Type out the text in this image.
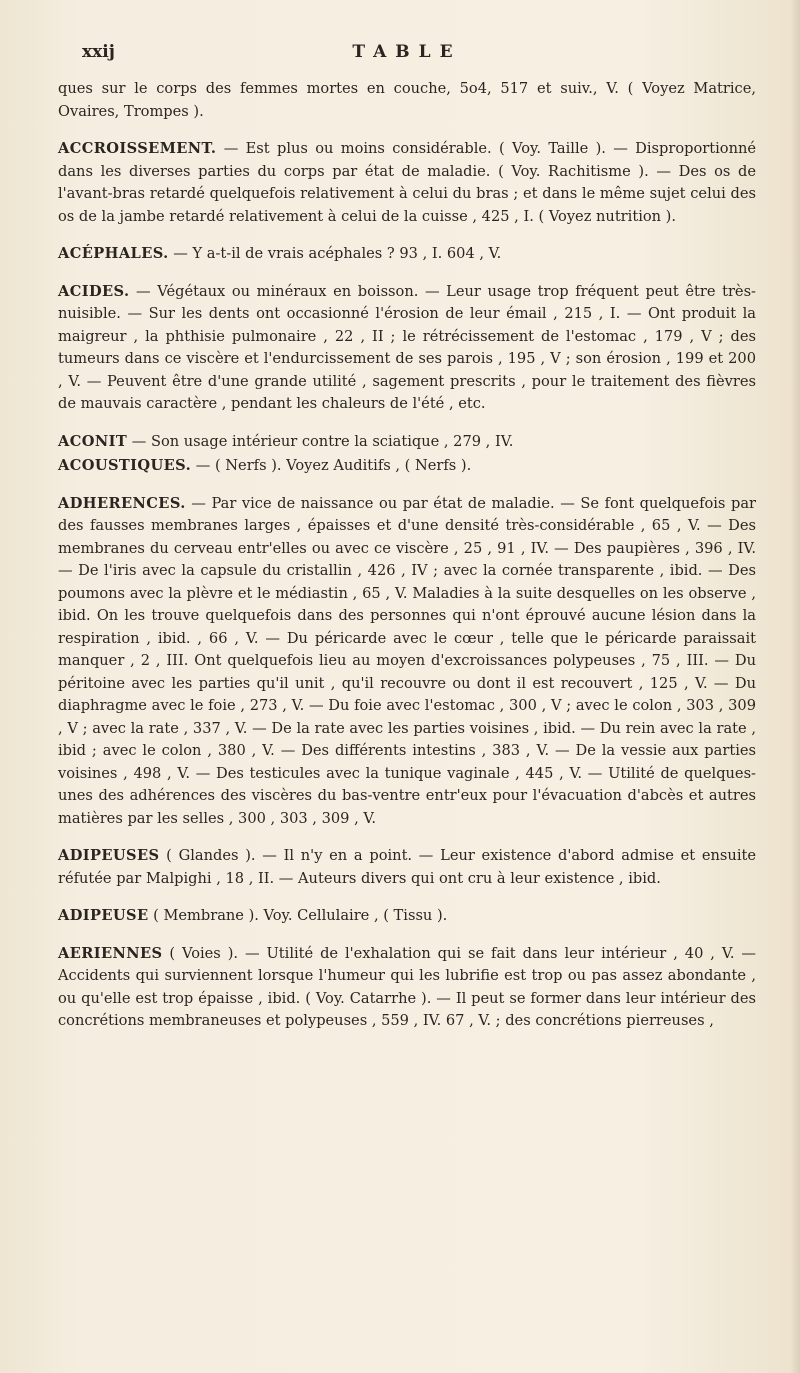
xxij	TABLE

ques sur le corps des femmes mortes en couche, 5o4, 517 et suiv., V. ( Voyez Matrice, Ovaires, Trompes ).

ACCROISSEMENT. — Est plus ou moins considérable. ( Voy. Taille ). — Disproportionné dans les diverses parties du corps par état de maladie. ( Voy. Rachitisme ). — Des os de l'avant-bras retardé quelquefois relativement à celui du bras ; et dans le même sujet celui des os de la jambe retardé relativement à celui de la cuisse , 425 , I. ( Voyez nutrition ).

ACÉPHALES. — Y a-t-il de vrais acéphales ? 93 , I. 604 , V.

ACIDES. — Végétaux ou minéraux en boisson. — Leur usage trop fréquent peut être très-nuisible. — Sur les dents ont occasionné l'érosion de leur émail , 215 , I. — Ont produit la maigreur , la phthisie pulmonaire , 22 , II ; le rétrécissement de l'estomac , 179 , V ; des tumeurs dans ce viscère et l'endurcissement de ses parois , 195 , V ; son érosion , 199 et 200 , V. — Peuvent être d'une grande utilité , sagement prescrits , pour le traitement des fièvres de mauvais caractère , pendant les chaleurs de l'été , etc.

ACONIT — Son usage intérieur contre la sciatique , 279 , IV.

ACOUSTIQUES. — ( Nerfs ). Voyez Auditifs , ( Nerfs ).

ADHERENCES. — Par vice de naissance ou par état de maladie. — Se font quelquefois par des fausses membranes larges , épaisses et d'une densité très-considérable , 65 , V. — Des membranes du cerveau entr'elles ou avec ce viscère , 25 , 91 , IV. — Des paupières , 396 , IV. — De l'iris avec la capsule du cristallin , 426 , IV ; avec la cornée transparente , ibid. — Des poumons avec la plèvre et le médiastin , 65 , V. Maladies à la suite desquelles on les observe , ibid. On les trouve quelquefois dans des personnes qui n'ont éprouvé aucune lésion dans la respiration , ibid. , 66 , V. — Du péricarde avec le cœur , telle que le péricarde paraissait manquer , 2 , III. Ont quelquefois lieu au moyen d'excroissances polypeuses , 75 , III. — Du péritoine avec les parties qu'il unit , qu'il recouvre ou dont il est recouvert , 125 , V. — Du diaphragme avec le foie , 273 , V. — Du foie avec l'estomac , 300 , V ; avec le colon , 303 , 309 , V ; avec la rate , 337 , V. — De la rate avec les parties voisines , ibid. — Du rein avec la rate , ibid ; avec le colon , 380 , V. — Des différents intestins , 383 , V. — De la vessie aux parties voisines , 498 , V. — Des testicules avec la tunique vaginale , 445 , V. — Utilité de quelques-unes des adhérences des viscères du bas-ventre entr'eux pour l'évacuation d'abcès et autres matières par les selles , 300 , 303 , 309 , V.

ADIPEUSES ( Glandes ). — Il n'y en a point. — Leur existence d'abord admise et ensuite réfutée par Malpighi , 18 , II. — Auteurs divers qui ont cru à leur existence , ibid.

ADIPEUSE ( Membrane ). Voy. Cellulaire , ( Tissu ).

AERIENNES ( Voies ). — Utilité de l'exhalation qui se fait dans leur intérieur , 40 , V. — Accidents qui surviennent lorsque l'humeur qui les lubrifie est trop ou pas assez abondante , ou qu'elle est trop épaisse , ibid. ( Voy. Catarrhe ). — Il peut se former dans leur intérieur des concrétions membraneuses et polypeuses , 559 , IV. 67 , V. ; des concrétions pierreuses ,
